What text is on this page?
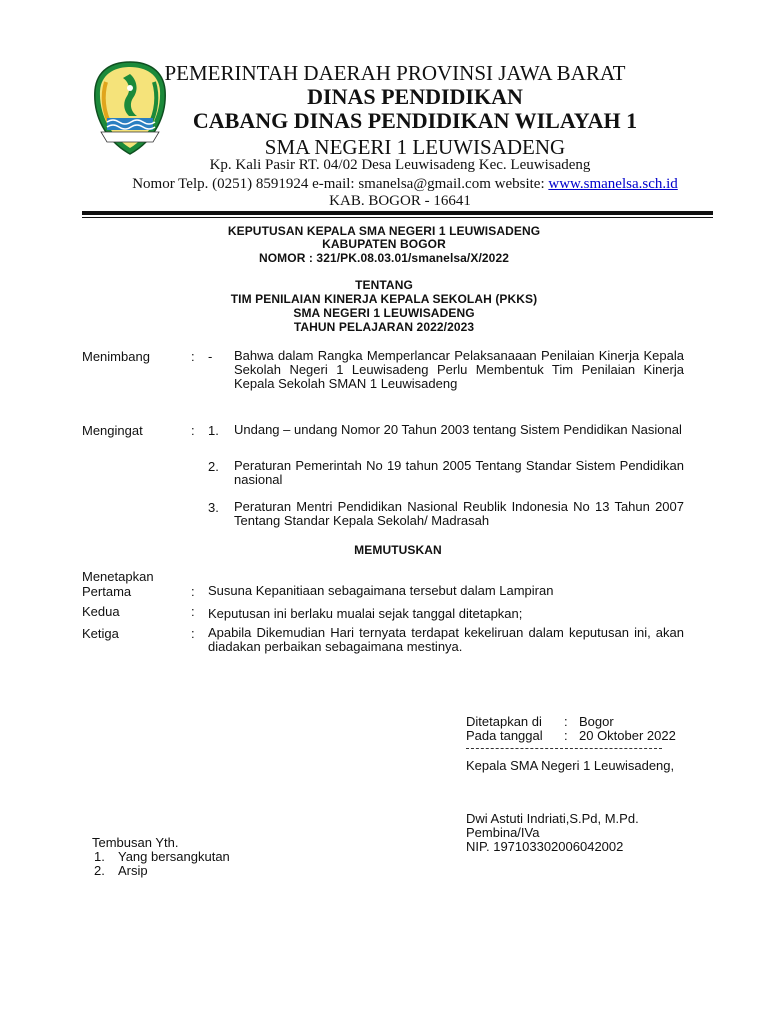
PEMERINTAH DAERAH PROVINSI JAWA BARAT
DINAS PENDIDIKAN
CABANG DINAS PENDIDIKAN WILAYAH 1
SMA NEGERI 1 LEUWISADENG
Kp. Kali Pasir RT. 04/02 Desa Leuwisadeng Kec. Leuwisadeng
Nomor Telp. (0251) 8591924 e-mail: smanelsa@gmail.com website: www.smanelsa.sch.id
KAB. BOGOR - 16641
KEPUTUSAN KEPALA SMA NEGERI 1 LEUWISADENG
KABUPATEN BOGOR
NOMOR : 321/PK.08.03.01/smanelsa/X/2022
TENTANG
TIM PENILAIAN KINERJA KEPALA SEKOLAH (PKKS)
SMA NEGERI 1 LEUWISADENG
TAHUN PELAJARAN 2022/2023
Menimbang	: - Bahwa dalam Rangka Memperlancar Pelaksanaaan Penilaian Kinerja Kepala Sekolah Negeri 1 Leuwisadeng Perlu Membentuk Tim Penilaian Kinerja Kepala Sekolah SMAN 1 Leuwisadeng
Mengingat	: 1. Undang – undang Nomor 20 Tahun 2003 tentang Sistem Pendidikan Nasional
2. Peraturan Pemerintah No 19 tahun 2005 Tentang Standar Sistem Pendidikan nasional
3. Peraturan Mentri Pendidikan Nasional Reublik Indonesia No 13 Tahun 2007 Tentang Standar Kepala Sekolah/ Madrasah
MEMUTUSKAN
Menetapkan
Pertama	: Susuna Kepanitiaan sebagaimana tersebut dalam Lampiran
Kedua	: Keputusan ini berlaku mualai sejak tanggal ditetapkan;
Ketiga	: Apabila Dikemudian Hari ternyata terdapat kekeliruan dalam keputusan ini, akan diadakan perbaikan sebagaimana mestinya.
Ditetapkan di : Bogor
Pada tanggal : 20 Oktober 2022
Kepala SMA Negeri 1 Leuwisadeng,
Dwi Astuti Indriati,S.Pd, M.Pd.
Pembina/IVa
NIP. 197103302006042002
Tembusan Yth.
1. Yang bersangkutan
2. Arsip
